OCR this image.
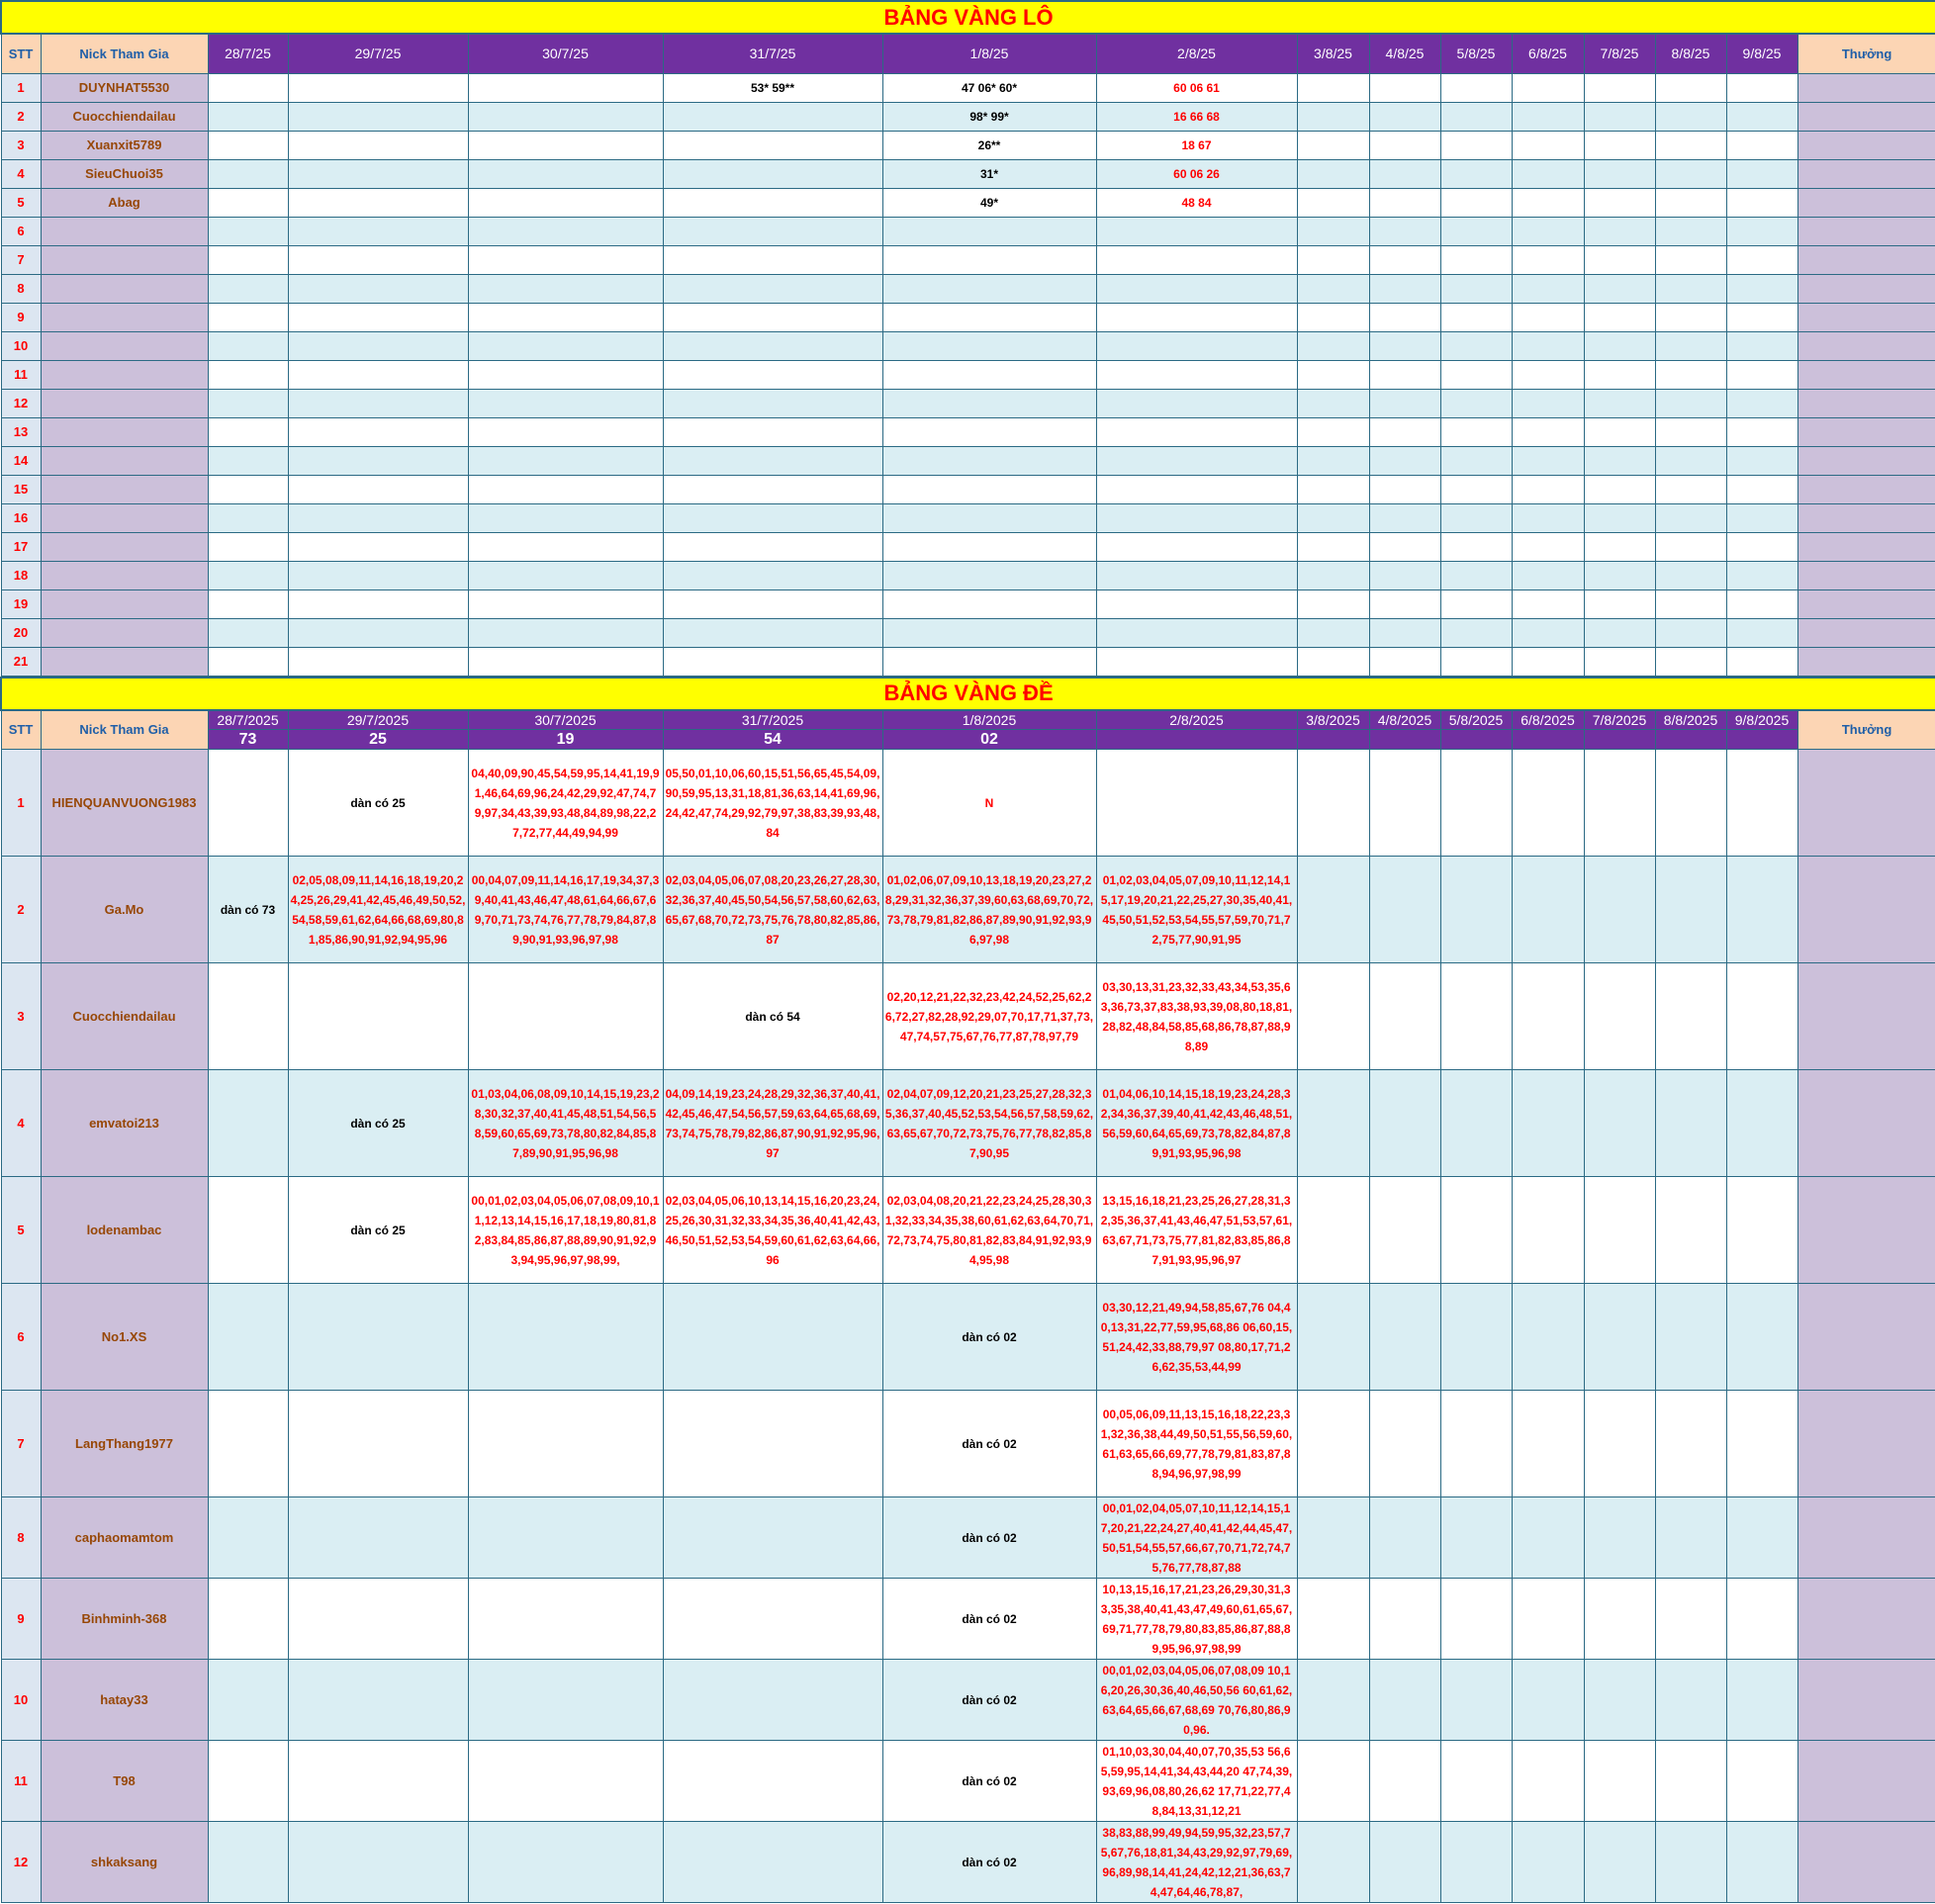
BẢNG VÀNG LÔ															
STT	Nick Tham Gia	28/7/25	29/7/25	30/7/25	31/7/25	1/8/25	2/8/25	3/8/25	4/8/25	5/8/25	6/8/25	7/8/25	8/8/25	9/8/25	Thưởng
1	DUYNHAT5530				53* 59**	47 06* 60*	60 06 61								
2	Cuocchiendailau					98* 99*	16 66 68								
3	Xuanxit5789					26**	18 67								
4	SieuChuoi35					31*	60 06 26								
5	Abag					49*	48 84								
6															
7															
8															
9															
10															
11															
12															
13															
14															
15															
16															
17															
18															
19															
20															
21															
BẢNG VÀNG ĐỀ															
STT	Nick Tham Gia	28/7/2025	29/7/2025	30/7/2025	31/7/2025	1/8/2025	2/8/2025	3/8/2025	4/8/2025	5/8/2025	6/8/2025	7/8/2025	8/8/2025	9/8/2025	Thưởng
		73	25	19	54	02									
1	HIENQUANVUONG1983		dàn có 25	04,40,09,90,45,54,59,95,14,41,19,91,46,64,69,96,24,42,29,92,47,74,79,97,34,43,39,93,48,84,89,98,22,27,72,77,44,49,94,99	05,50,01,10,06,60,15,51,56,65,45,54,09,90,59,95,13,31,18,81,36,63,14,41,69,96,24,42,47,74,29,92,79,97,38,83,39,93,48,84	N									
2	Ga.Mo	dàn có 73	02,05,08,09,11,14,16,18,19,20,24,25,26,29,41,42,45,46,49,50,52,54,58,59,61,62,64,66,68,69,80,81,85,86,90,91,92,94,95,96	00,04,07,09,11,14,16,17,19,34,37,39,40,41,43,46,47,48,61,64,66,67,69,70,71,73,74,76,77,78,79,84,87,89,90,91,93,96,97,98	02,03,04,05,06,07,08,20,23,26,27,28,30,32,36,37,40,45,50,54,56,57,58,60,62,63,65,67,68,70,72,73,75,76,78,80,82,85,86,87	01,02,06,07,09,10,13,18,19,20,23,27,28,29,31,32,36,37,39,60,63,68,69,70,72,73,78,79,81,82,86,87,89,90,91,92,93,96,97,98	01,02,03,04,05,07,09,10,11,12,14,15,17,19,20,21,22,25,27,30,35,40,41,45,50,51,52,53,54,55,57,59,70,71,72,75,77,90,91,95								
3	Cuocchiendailau				dàn có 54	02,20,12,21,22,32,23,42,24,52,25,62,26,72,27,82,28,92,29,07,70,17,71,37,73,47,74,57,75,67,76,77,87,78,97,79	03,30,13,31,23,32,33,43,34,53,35,63,36,73,37,83,38,93,39,08,80,18,81,28,82,48,84,58,85,68,86,78,87,88,98,89								
4	emvatoi213		dàn có 25	01,03,04,06,08,09,10,14,15,19,23,28,30,32,37,40,41,45,48,51,54,56,58,59,60,65,69,73,78,80,82,84,85,87,89,90,91,95,96,98	04,09,14,19,23,24,28,29,32,36,37,40,41,42,45,46,47,54,56,57,59,63,64,65,68,69,73,74,75,78,79,82,86,87,90,91,92,95,96,97	02,04,07,09,12,20,21,23,25,27,28,32,35,36,37,40,45,52,53,54,56,57,58,59,62,63,65,67,70,72,73,75,76,77,78,82,85,87,90,95	01,04,06,10,14,15,18,19,23,24,28,32,34,36,37,39,40,41,42,43,46,48,51,56,59,60,64,65,69,73,78,82,84,87,89,91,93,95,96,98								
5	lodenambac		dàn có 25	00,01,02,03,04,05,06,07,08,09,10,11,12,13,14,15,16,17,18,19,80,81,82,83,84,85,86,87,88,89,90,91,92,93,94,95,96,97,98,99,	02,03,04,05,06,10,13,14,15,16,20,23,24,25,26,30,31,32,33,34,35,36,40,41,42,43,46,50,51,52,53,54,59,60,61,62,63,64,66,96	02,03,04,08,20,21,22,23,24,25,28,30,31,32,33,34,35,38,60,61,62,63,64,70,71,72,73,74,75,80,81,82,83,84,91,92,93,94,95,98	13,15,16,18,21,23,25,26,27,28,31,32,35,36,37,41,43,46,47,51,53,57,61,63,67,71,73,75,77,81,82,83,85,86,87,91,93,95,96,97								
6	No1.XS					dàn có 02	03,30,12,21,49,94,58,85,67,76 04,40,13,31,22,77,59,95,68,86 06,60,15,51,24,42,33,88,79,97 08,80,17,71,26,62,35,53,44,99								
7	LangThang1977					dàn có 02	00,05,06,09,11,13,15,16,18,22,23,31,32,36,38,44,49,50,51,55,56,59,60,61,63,65,66,69,77,78,79,81,83,87,88,94,96,97,98,99								
8	caphaomamtom					dàn có 02	00,01,02,04,05,07,10,11,12,14,15,17,20,21,22,24,27,40,41,42,44,45,47,50,51,54,55,57,66,67,70,71,72,74,75,76,77,78,87,88								
9	Binhminh-368					dàn có 02	10,13,15,16,17,21,23,26,29,30,31,33,35,38,40,41,43,47,49,60,61,65,67,69,71,77,78,79,80,83,85,86,87,88,89,95,96,97,98,99								
10	hatay33					dàn có 02	00,01,02,03,04,05,06,07,08,09 10,16,20,26,30,36,40,46,50,56 60,61,62,63,64,65,66,67,68,69 70,76,80,86,90,96.								
11	T98					dàn có 02	01,10,03,30,04,40,07,70,35,53 56,65,59,95,14,41,34,43,44,20 47,74,39,93,69,96,08,80,26,62 17,71,22,77,48,84,13,31,12,21								
12	shkaksang					dàn có 02	38,83,88,99,49,94,59,95,32,23,57,75,67,76,18,81,34,43,29,92,97,79,69,96,89,98,14,41,24,42,12,21,36,63,74,47,64,46,78,87,								
